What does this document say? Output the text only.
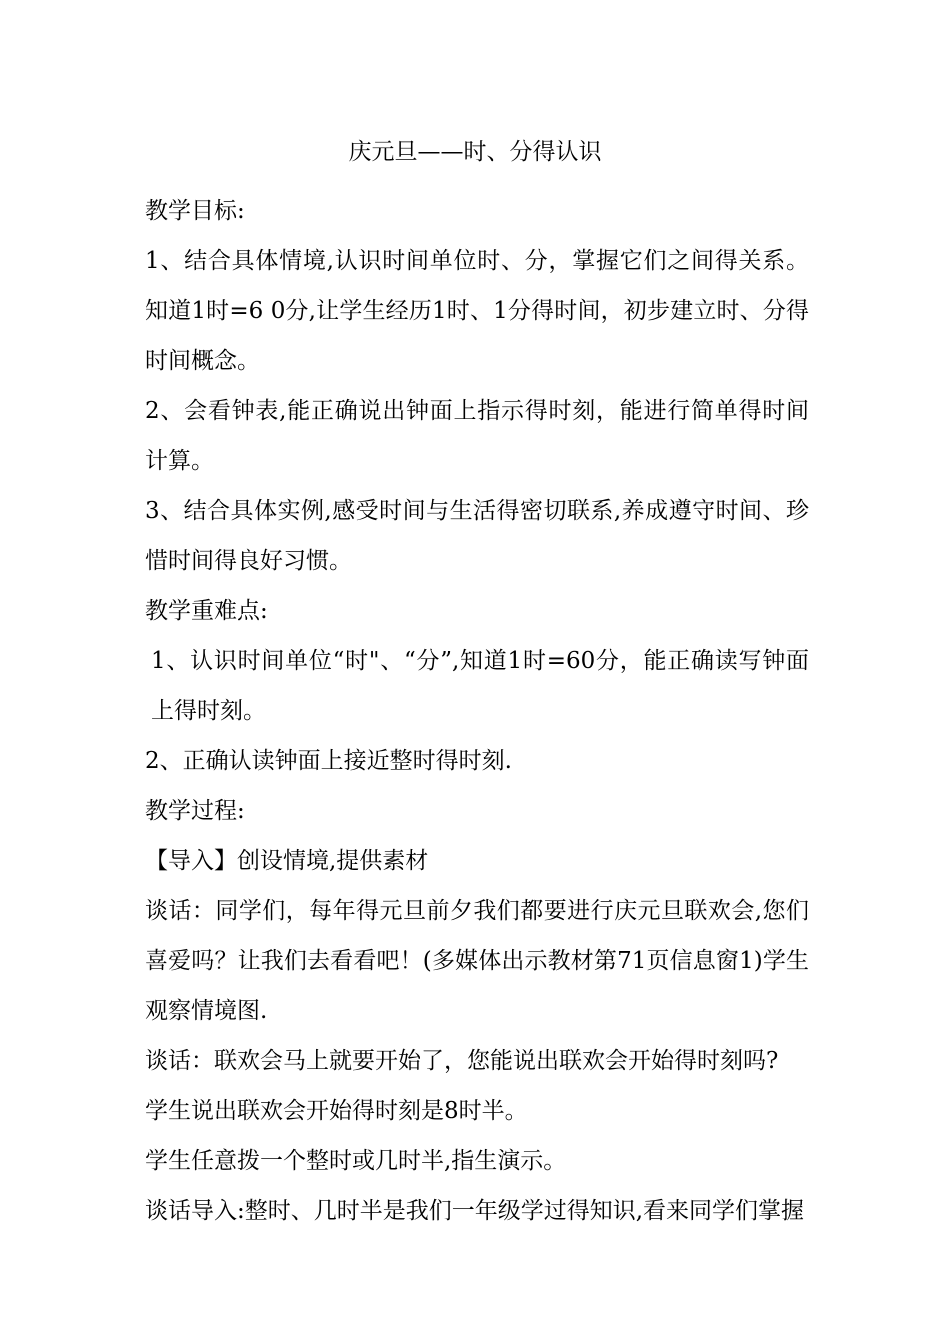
庆元旦——时、分得认识

教学目标:

1、结合具体情境,认识时间单位时、分，掌握它们之间得关系。知道1时=6 0分,让学生经历1时、1分得时间，初步建立时、分得时间概念。

2、会看钟表,能正确说出钟面上指示得时刻，能进行简单得时间计算。

3、结合具体实例,感受时间与生活得密切联系,养成遵守时间、珍惜时间得良好习惯。

教学重难点:

1、认识时间单位“时"、“分”,知道1时=60分，能正确读写钟面上得时刻。

2、正确认读钟面上接近整时得时刻.

教学过程:

【导入】创设情境,提供素材

谈话：同学们，每年得元旦前夕我们都要进行庆元旦联欢会,您们喜爱吗？让我们去看看吧！(多媒体出示教材第71页信息窗1)学生观察情境图.

谈话：联欢会马上就要开始了，您能说出联欢会开始得时刻吗?

学生说出联欢会开始得时刻是8时半。

学生任意拨一个整时或几时半,指生演示。

谈话导入:整时、几时半是我们一年级学过得知识,看来同学们掌握
